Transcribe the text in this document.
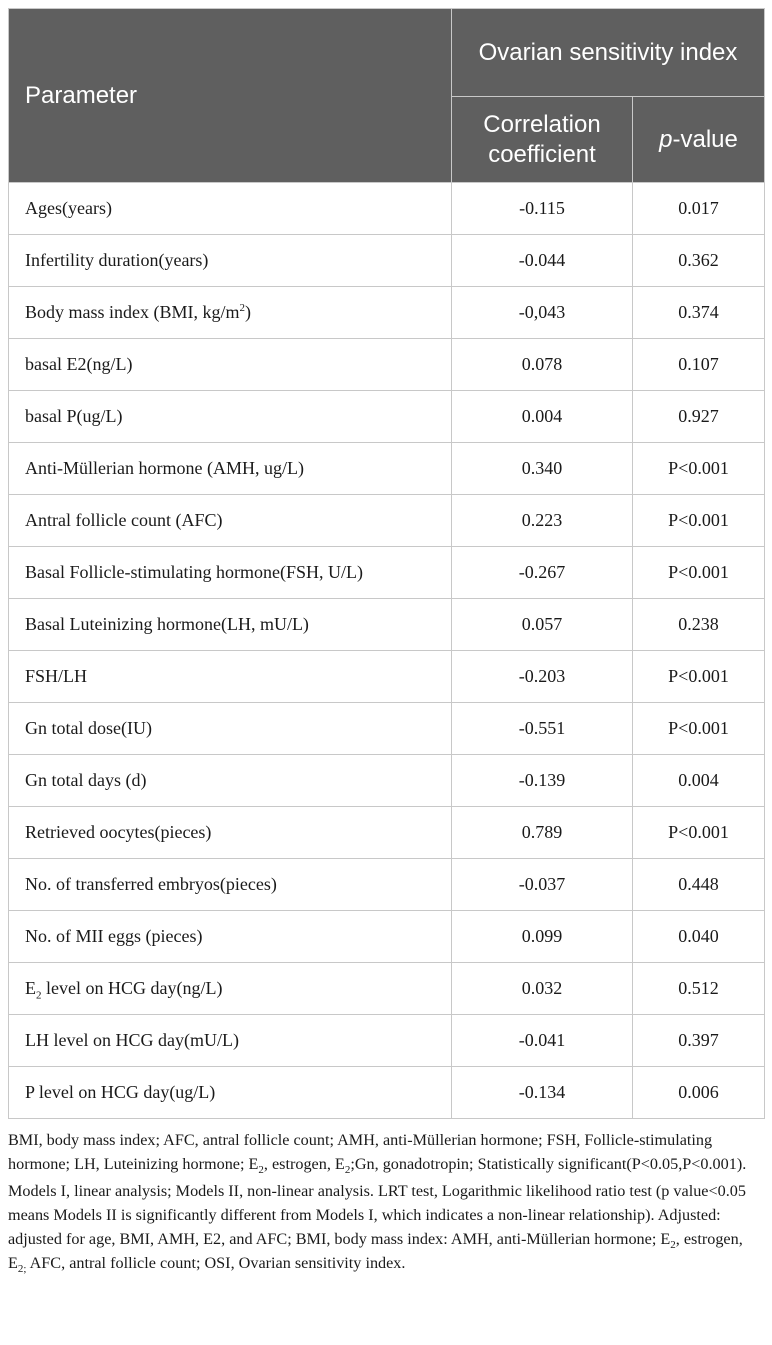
Parameter	Ovarian sensitivity index	
	Correlation coefficient	p-value
Ages(years)	-0.115	0.017
Infertility duration(years)	-0.044	0.362
Body mass index (BMI, $kg/m^2$)	-0,043	0.374
basal E2(ng/L)	0.078	0.107
basal P(ug/L)	0.004	0.927
Anti-Müllerian hormone (AMH, ug/L)	0.340	P<0.001
Antral follicle count (AFC)	0.223	P<0.001
Basal Follicle-stimulating hormone(FSH, U/L)	-0.267	P<0.001
Basal Luteinizing hormone(LH, mU/L)	0.057	0.238
FSH/LH	-0.203	P<0.001
Gn total dose(IU)	-0.551	P<0.001
Gn total days (d)	-0.139	0.004
Retrieved oocytes(pieces)	0.789	P<0.001
No. of transferred embryos(pieces)	-0.037	0.448
No. of MII eggs (pieces)	0.099	0.040
$E_2$ level on HCG day(ng/L)	0.032	0.512
LH level on HCG day(mU/L)	-0.041	0.397
P level on HCG day(ug/L)	-0.134	0.006

BMI, body mass index; AFC, antral follicle count; AMH, anti-Müllerian hormone; FSH, Follicle-stimulating hormone; LH, Luteinizing hormone; $E_2$, estrogen, $E_2;Gn$, gonadotropin; Statistically significant(P<0.05,P<0.001).

Models I, linear analysis; Models II, non-linear analysis. LRT test, Logarithmic likelihood ratio test (p value<0.05 means Models II is significantly different from Models I, which indicates a non-linear relationship). Adjusted: adjusted for age, BMI, AMH, E2, and AFC; BMI, body mass index: AMH, anti-Müllerian hormone; $E_2$, estrogen, $E_{2;}$ AFC, antral follicle count; OSI, Ovarian sensitivity index.
